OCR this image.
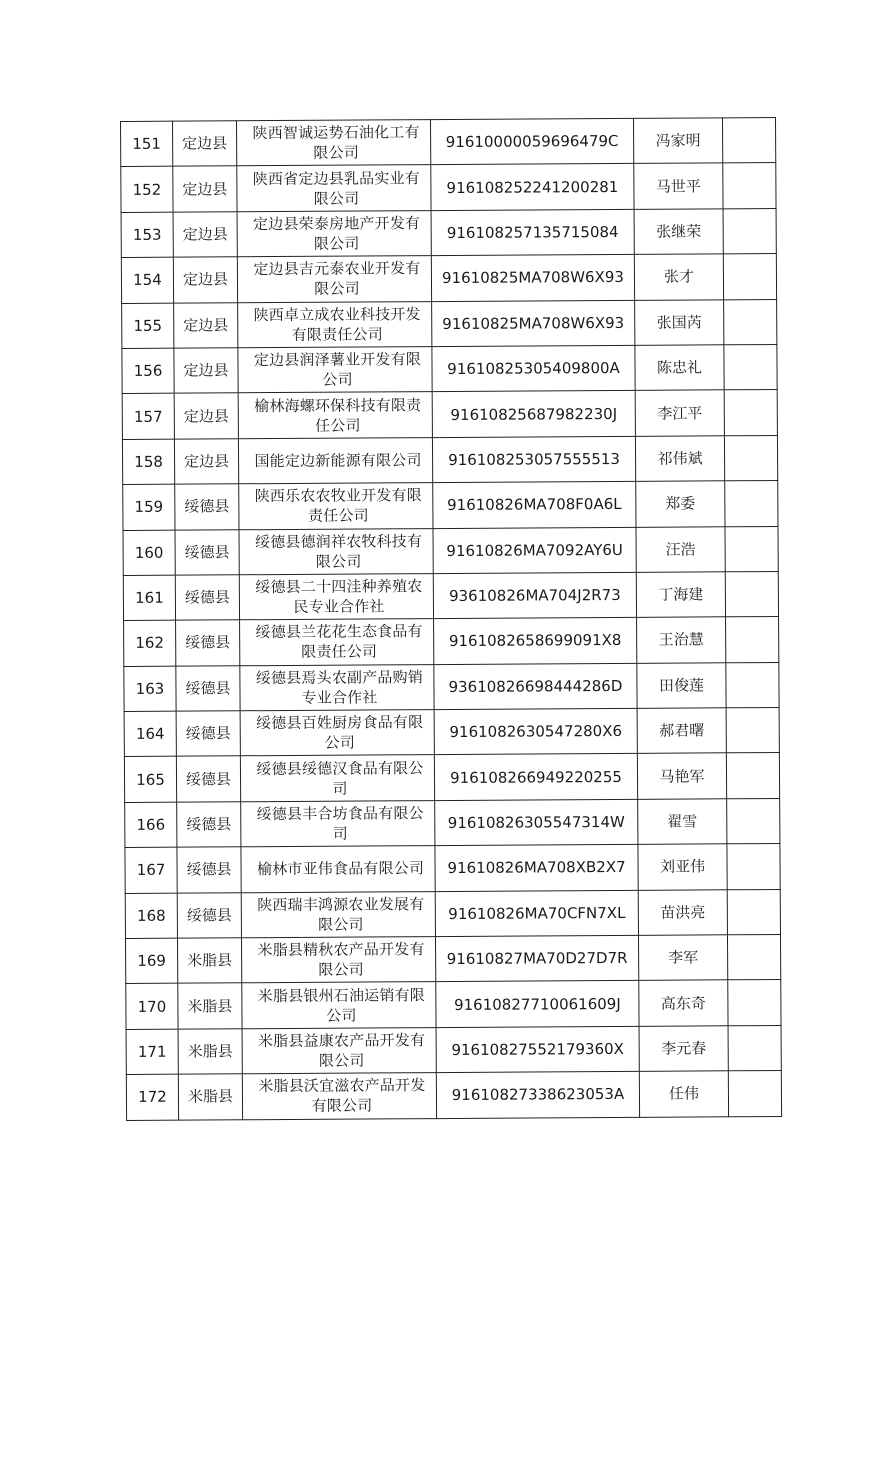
151	定边县	陕西智诚运势石油化工有限公司	91610000059696479C	冯家明	
152	定边县	陕西省定边县乳品实业有限公司	916108252241200281	马世平	
153	定边县	定边县荣泰房地产开发有限公司	916108257135715084	张继荣	
154	定边县	定边县吉元泰农业开发有限公司	91610825MA708W6X93	张才	
155	定边县	陕西卓立成农业科技开发有限责任公司	91610825MA708W6X93	张国芮	
156	定边县	定边县润泽薯业开发有限公司	91610825305409800A	陈忠礼	
157	定边县	榆林海螺环保科技有限责任公司	91610825687982230J	李江平	
158	定边县	国能定边新能源有限公司	916108253057555513	祁伟斌	
159	绥德县	陕西乐农农牧业开发有限责任公司	91610826MA708F0A6L	郑委	
160	绥德县	绥德县德润祥农牧科技有限公司	91610826MA7092AY6U	汪浩	
161	绥德县	绥德县二十四洼种养殖农民专业合作社	93610826MA704J2R73	丁海建	
162	绥德县	绥德县兰花花生态食品有限责任公司	9161082658699091X8	王治慧	
163	绥德县	绥德县焉头农副产品购销专业合作社	93610826698444286D	田俊莲	
164	绥德县	绥德县百姓厨房食品有限公司	9161082630547280X6	郝君曙	
165	绥德县	绥德县绥德汉食品有限公司	916108266949220255	马艳军	
166	绥德县	绥德县丰合坊食品有限公司	91610826305547314W	翟雪	
167	绥德县	榆林市亚伟食品有限公司	91610826MA708XB2X7	刘亚伟	
168	绥德县	陕西瑞丰鸿源农业发展有限公司	91610826MA70CFN7XL	苗洪亮	
169	米脂县	米脂县精秋农产品开发有限公司	91610827MA70D27D7R	李军	
170	米脂县	米脂县银州石油运销有限公司	91610827710061609J	高东奇	
171	米脂县	米脂县益康农产品开发有限公司	91610827552179360X	李元春	
172	米脂县	米脂县沃宜滋农产品开发有限公司	91610827338623053A	任伟	
